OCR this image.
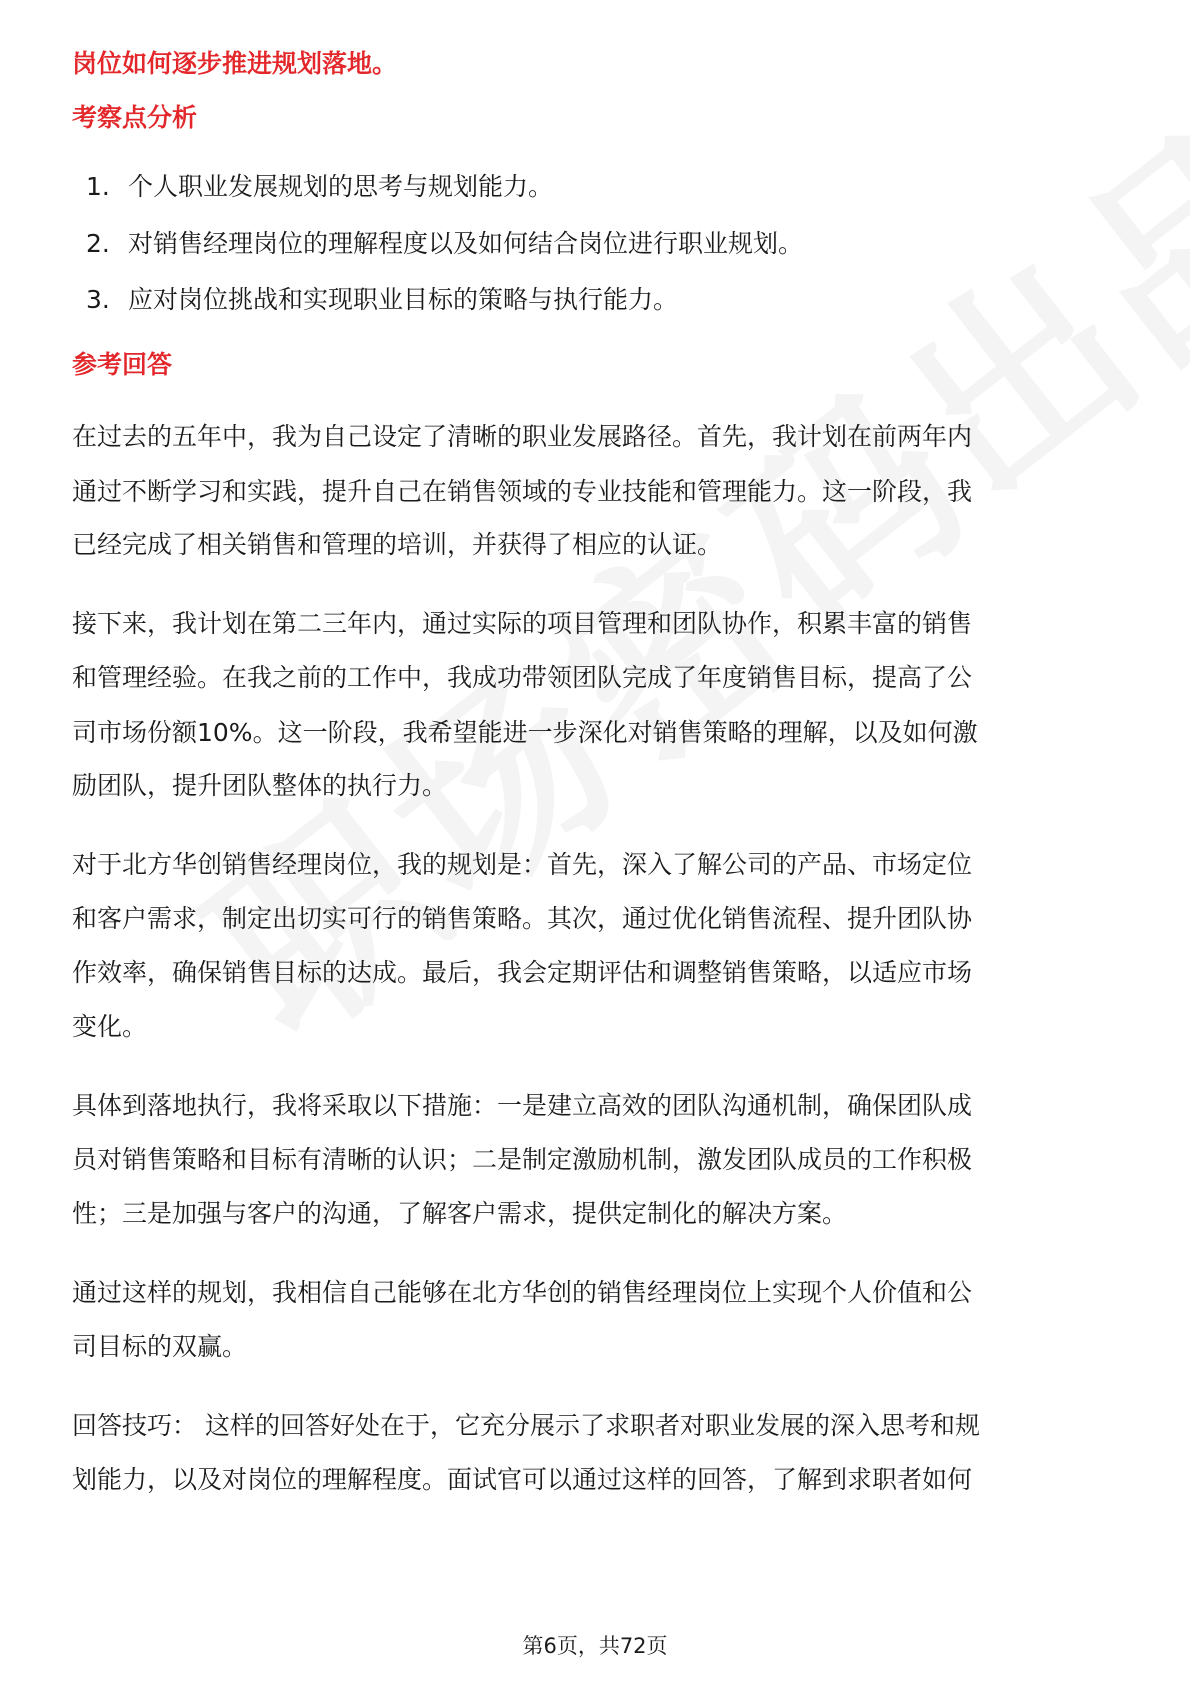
岗位如何逐步推进规划落地。

考察点分析

1. 个人职业发展规划的思考与规划能力。

2. 对销售经理岗位的理解程度以及如何结合岗位进行职业规划。

3. 应对岗位挑战和实现职业目标的策略与执行能力。

参考回答

在过去的五年中，我为自己设定了清晰的职业发展路径。首先，我计划在前两年内

通过不断学习和实践，提升自己在销售领域的专业技能和管理能力。这一阶段，我

已经完成了相关销售和管理的培训，并获得了相应的认证。

接下来，我计划在第二三年内，通过实际的项目管理和团队协作，积累丰富的销售

和管理经验。在我之前的工作中，我成功带领团队完成了年度销售目标，提高了公

司市场份额10%。这一阶段，我希望能进一步深化对销售策略的理解，以及如何激

励团队，提升团队整体的执行力。

对于北方华创销售经理岗位，我的规划是：首先，深入了解公司的产品、市场定位

和客户需求，制定出切实可行的销售策略。其次，通过优化销售流程、提升团队协

作效率，确保销售目标的达成。最后，我会定期评估和调整销售策略，以适应市场

变化。

具体到落地执行，我将采取以下措施：一是建立高效的团队沟通机制，确保团队成

员对销售策略和目标有清晰的认识；二是制定激励机制，激发团队成员的工作积极

性；三是加强与客户的沟通，了解客户需求，提供定制化的解决方案。

通过这样的规划，我相信自己能够在北方华创的销售经理岗位上实现个人价值和公

司目标的双赢。

回答技巧： 这样的回答好处在于，它充分展示了求职者对职业发展的深入思考和规

划能力，以及对岗位的理解程度。面试官可以通过这样的回答，了解到求职者如何

第6页，共72页
